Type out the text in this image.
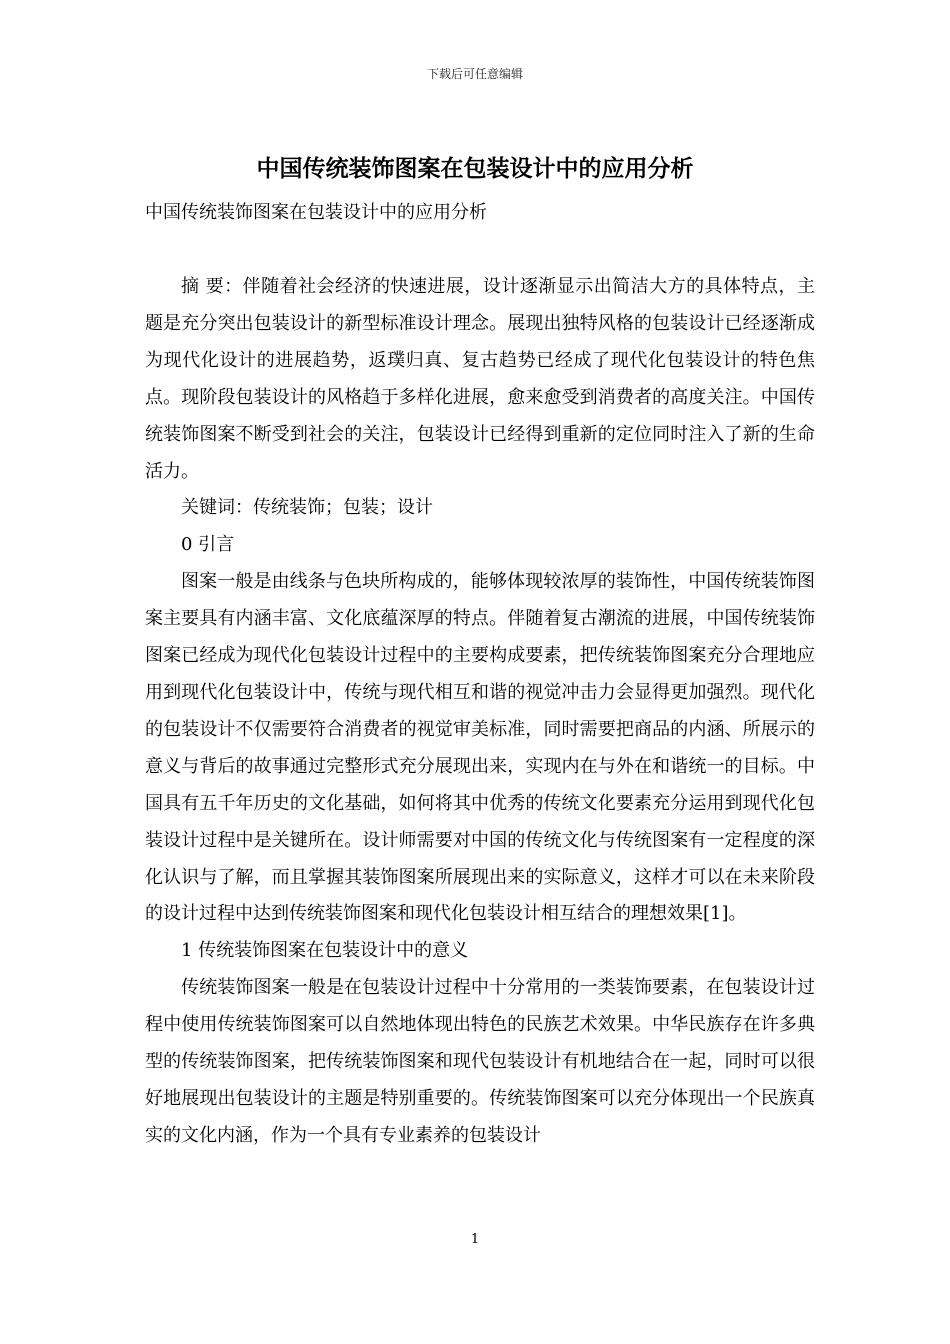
下载后可任意编辑
中国传统装饰图案在包装设计中的应用分析

中国传统装饰图案在包装设计中的应用分析

摘 要：伴随着社会经济的快速进展，设计逐渐显示出简洁大方的具体特点，主题是充分突出包装设计的新型标准设计理念。展现出独特风格的包装设计已经逐渐成为现代化设计的进展趋势，返璞归真、复古趋势已经成了现代化包装设计的特色焦点。现阶段包装设计的风格趋于多样化进展，愈来愈受到消费者的高度关注。中国传统装饰图案不断受到社会的关注，包装设计已经得到重新的定位同时注入了新的生命活力。

关键词：传统装饰；包装；设计

0 引言

图案一般是由线条与色块所构成的，能够体现较浓厚的装饰性，中国传统装饰图案主要具有内涵丰富、文化底蕴深厚的特点。伴随着复古潮流的进展，中国传统装饰图案已经成为现代化包装设计过程中的主要构成要素，把传统装饰图案充分合理地应用到现代化包装设计中，传统与现代相互和谐的视觉冲击力会显得更加强烈。现代化的包装设计不仅需要符合消费者的视觉审美标准，同时需要把商品的内涵、所展示的意义与背后的故事通过完整形式充分展现出来，实现内在与外在和谐统一的目标。中国具有五千年历史的文化基础，如何将其中优秀的传统文化要素充分运用到现代化包装设计过程中是关键所在。设计师需要对中国的传统文化与传统图案有一定程度的深化认识与了解，而且掌握其装饰图案所展现出来的实际意义，这样才可以在未来阶段的设计过程中达到传统装饰图案和现代化包装设计相互结合的理想效果[1]。

1 传统装饰图案在包装设计中的意义

传统装饰图案一般是在包装设计过程中十分常用的一类装饰要素，在包装设计过程中使用传统装饰图案可以自然地体现出特色的民族艺术效果。中华民族存在许多典型的传统装饰图案，把传统装饰图案和现代包装设计有机地结合在一起，同时可以很好地展现出包装设计的主题是特别重要的。传统装饰图案可以充分体现出一个民族真实的文化内涵，作为一个具有专业素养的包装设计

1
